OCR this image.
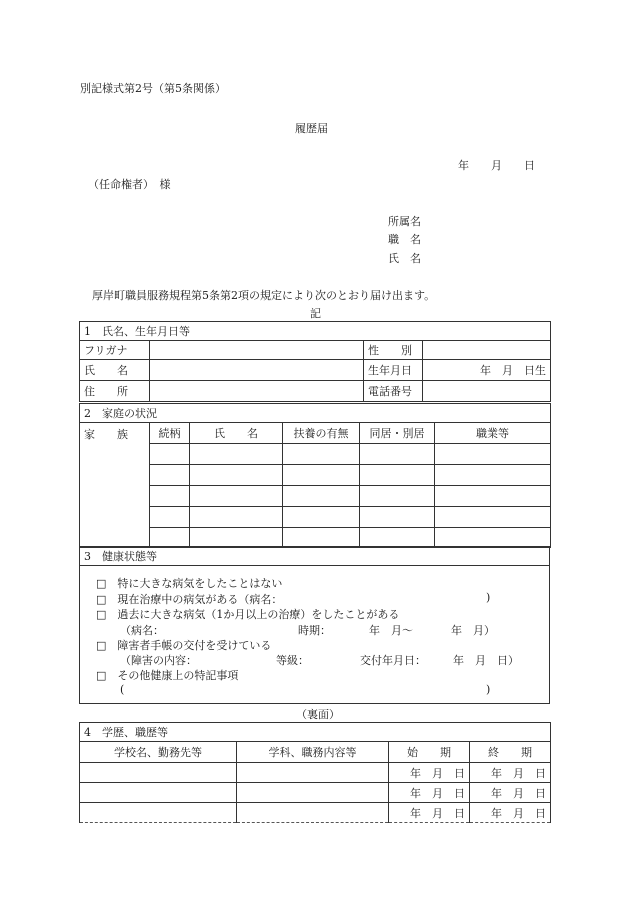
別記様式第2号（第5条関係）
履歴届
年　　月　　日
（任命権者）　様
所属名
職　名
氏　名
厚岸町職員服務規程第5条第2項の規定により次のとおり届け出ます。
記
1　氏名、生年月日等			
フリガナ		性　　別	
氏　　名		生年月日	年　月　日生
住　　所		電話番号	
2　家庭の状況					
家　　族	続柄	氏　　名	扶養の有無	同居・別居	職業等

3　健康状態等

□　特に大きな病気をしたことはない
□　現在治療中の病気がある（病名：	)
□　過去に大きな病気（1か月以上の治療）をしたことがある
（病名：	時期：	年　月〜	年　月）
□　障害者手帳の交付を受けている
（障害の内容：	等級：	交付年月日： 年　月　日）
□　その他健康上の特記事項
(	)
（裏面）
4　学歴、職歴等			
学校名、勤務先等	学科、職務内容等	始　　期	終　　期
		年　月　日	年　月　日
		年　月　日	年　月　日
		年　月　日	年　月　日
